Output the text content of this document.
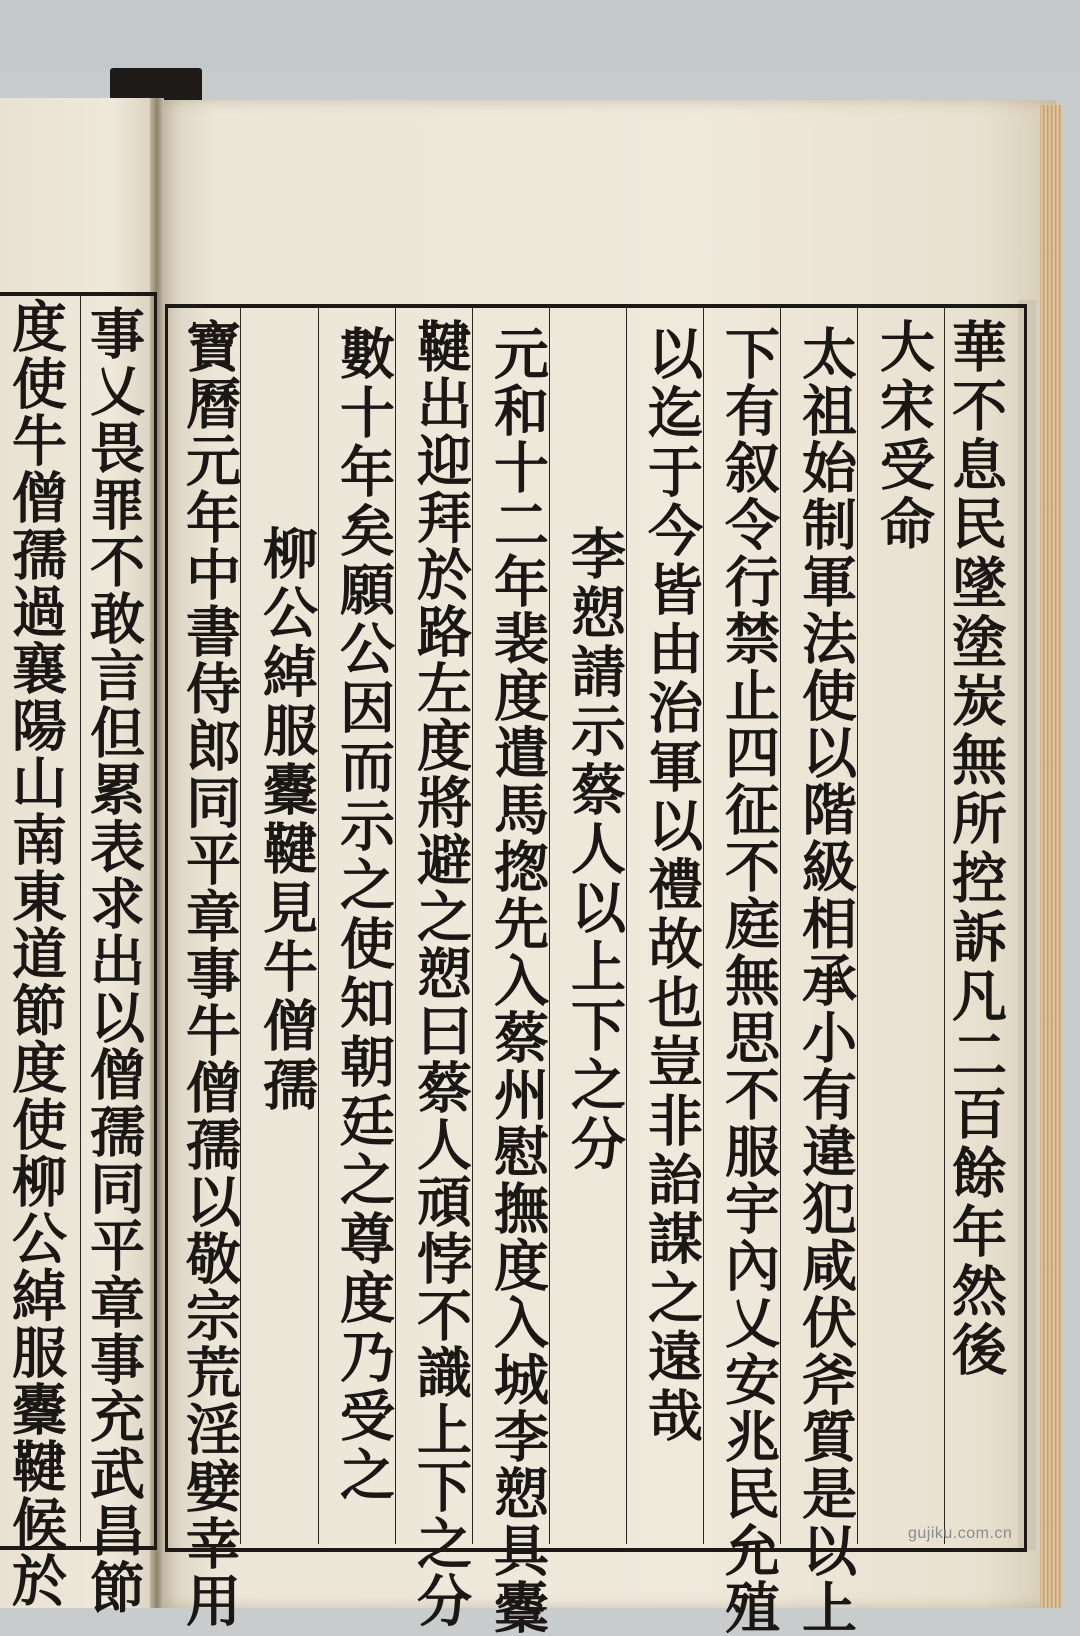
華不息民墜塗炭無所控訴凡二百餘年然後
大宋受命
太祖始制軍法使以階級相承小有違犯咸伏斧質是以上
下有叙令行禁止四征不庭無思不服宇內乂安兆民允殖
以迄于今皆由治軍以禮故也豈非詒謀之遠哉
李愬請示蔡人以上下之分
元和十二年裴度遣馬揔先入蔡州慰撫度入城李愬具櫜
鞬出迎拜於路左度將避之愬曰蔡人頑悖不識上下之分
數十年矣願公因而示之使知朝廷之尊度乃受之
柳公綽服櫜鞬見牛僧孺
寶曆元年中書侍郎同平章事牛僧孺以敬宗荒淫嬖幸用
事乂畏罪不敢言但累表求出以僧孺同平章事充武昌節
度使牛僧孺過襄陽山南東道節度使柳公綽服櫜鞬候於	gujiku.com.cn
